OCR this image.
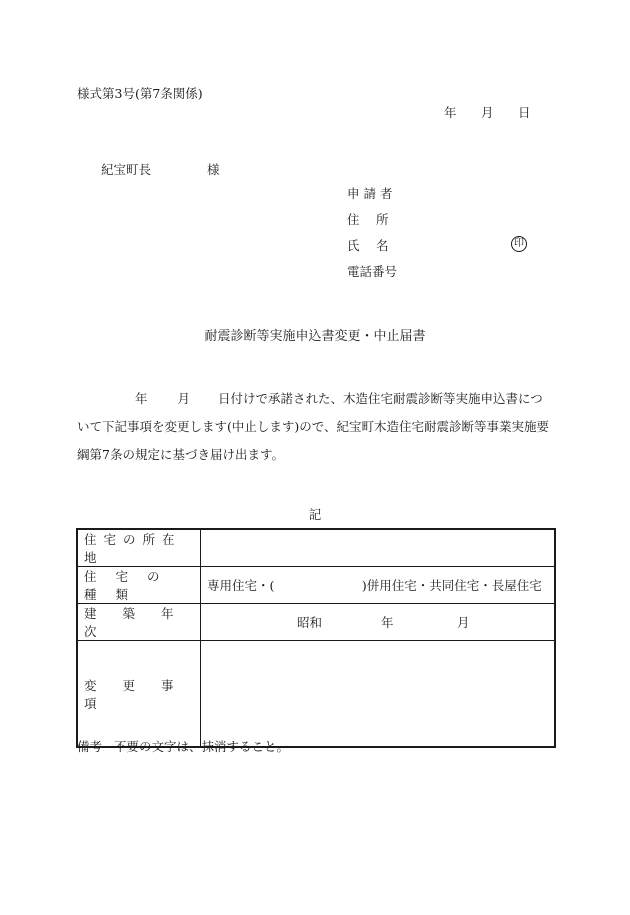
様式第3号(第7条関係)
年 月 日
紀宝町長	様
申 請 者
住　 所
氏　 名
電話番号
印
耐震診断等実施申込書変更・中止届書
年 月 日付けで承諾された、木造住宅耐震診断等実施申込書について下記事項を変更します(中止します)ので、紀宝町木造住宅耐震診断等事業実施要綱第7条の規定に基づき届け出ます。
記
住宅の所在地	
住宅の種類	専用住宅・(　　　　　　　)併用住宅・共同住宅・長屋住宅
建築年次	昭和 年 月
変更事項	
備考 不要の文字は、抹消すること。
